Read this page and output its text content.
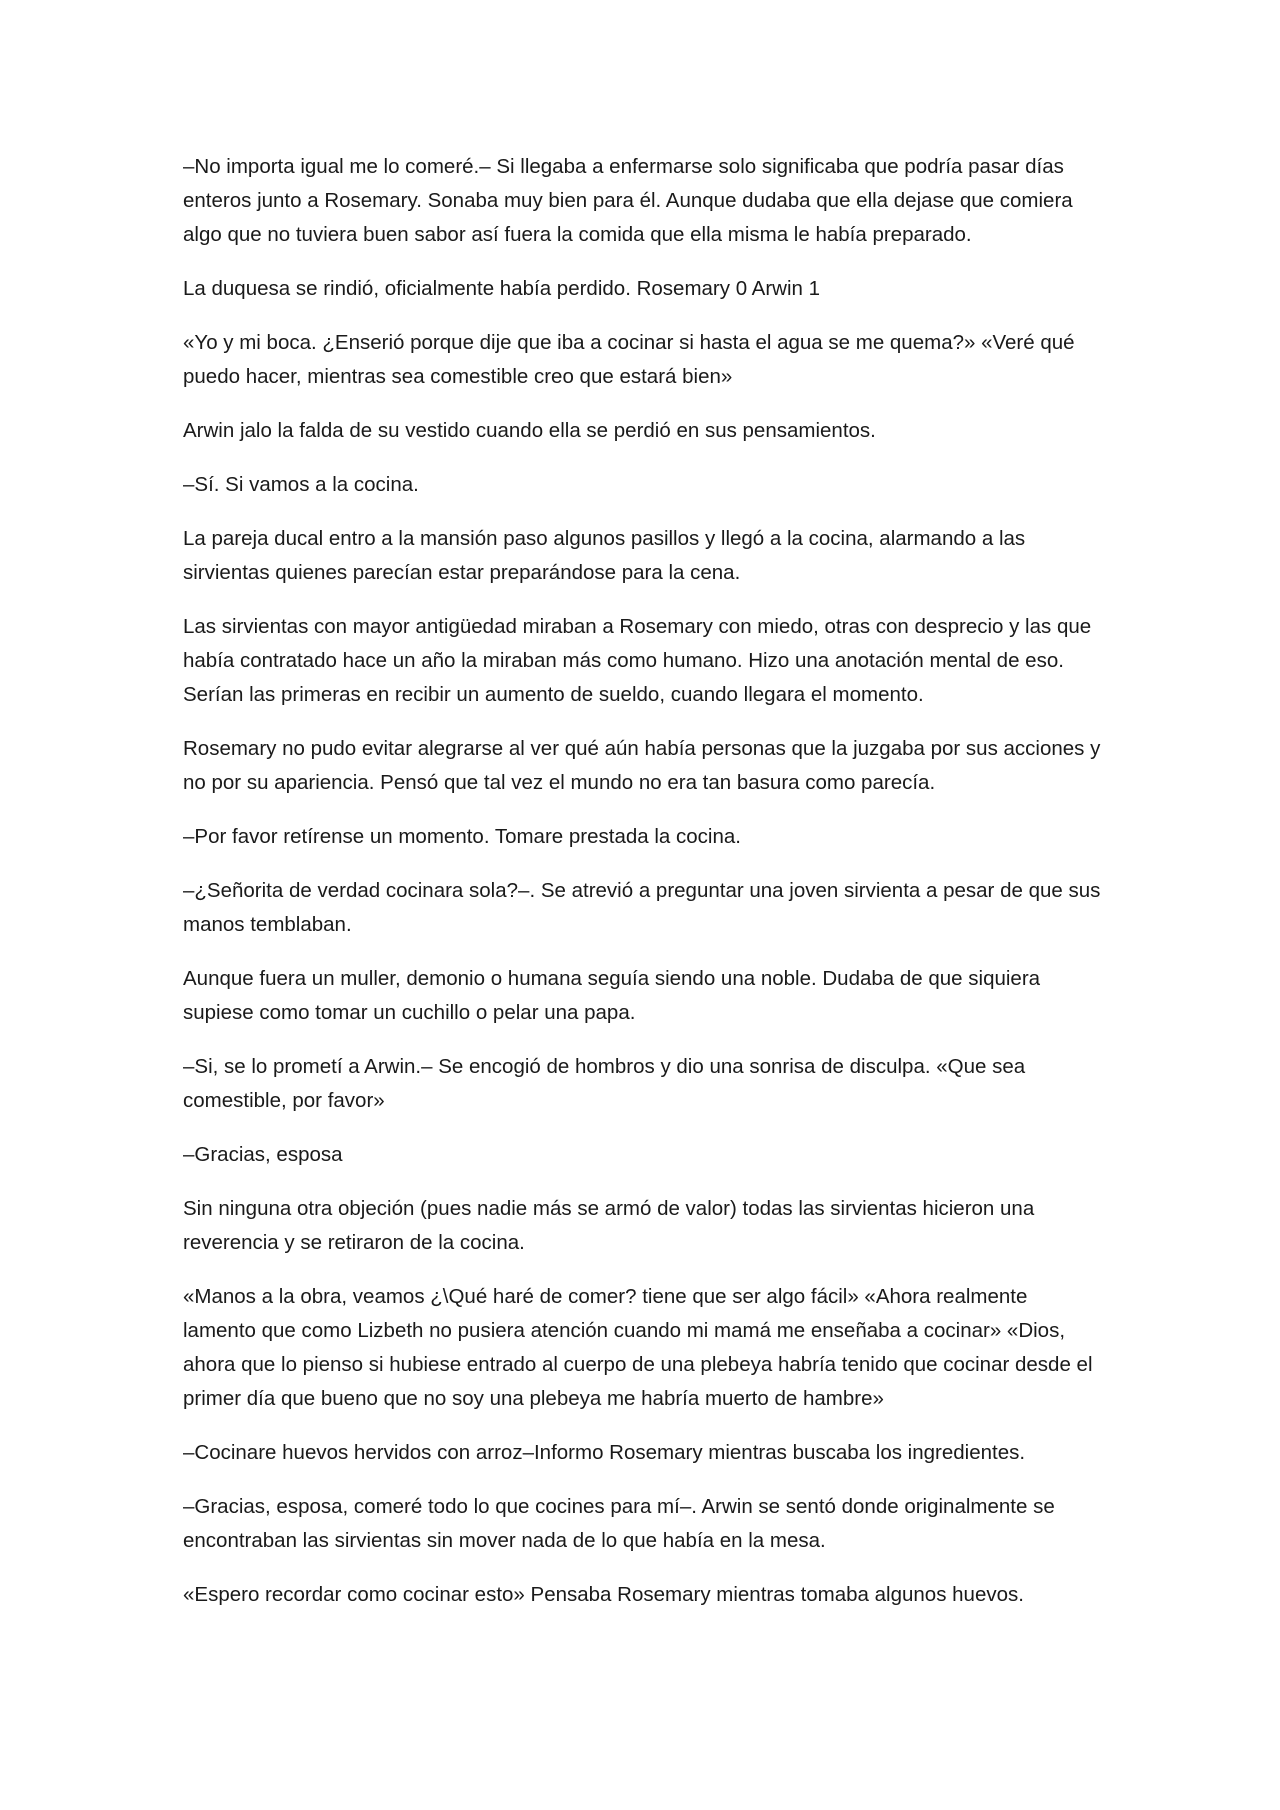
–No importa igual me lo comeré.– Si llegaba a enfermarse solo significaba que podría pasar días enteros junto a Rosemary. Sonaba muy bien para él. Aunque dudaba que ella dejase que comiera algo que no tuviera buen sabor así fuera la comida que ella misma le había preparado.

La duquesa se rindió, oficialmente había perdido. Rosemary 0 Arwin 1

«Yo y mi boca. ¿Enserió porque dije que iba a cocinar si hasta el agua se me quema?» «Veré qué puedo hacer, mientras sea comestible creo que estará bien»

Arwin jalo la falda de su vestido cuando ella se perdió en sus pensamientos.

–Sí. Si vamos a la cocina.

La pareja ducal entro a la mansión paso algunos pasillos y llegó a la cocina, alarmando a las sirvientas quienes parecían estar preparándose para la cena.

Las sirvientas con mayor antigüedad miraban a Rosemary con miedo, otras con desprecio y las que había contratado hace un año la miraban más como humano. Hizo una anotación mental de eso. Serían las primeras en recibir un aumento de sueldo, cuando llegara el momento.

Rosemary no pudo evitar alegrarse al ver qué aún había personas que la juzgaba por sus acciones y no por su apariencia. Pensó que tal vez el mundo no era tan basura como parecía.

–Por favor retírense un momento. Tomare prestada la cocina.

–¿Señorita de verdad cocinara sola?–. Se atrevió a preguntar una joven sirvienta a pesar de que sus manos temblaban.

Aunque fuera un muller, demonio o humana seguía siendo una noble. Dudaba de que siquiera supiese como tomar un cuchillo o pelar una papa.

–Si, se lo prometí a Arwin.– Se encogió de hombros y dio una sonrisa de disculpa. «Que sea comestible, por favor»

–Gracias, esposa

Sin ninguna otra objeción (pues nadie más se armó de valor) todas las sirvientas hicieron una reverencia y se retiraron de la cocina.

«Manos a la obra, veamos ¿\Qué haré de comer? tiene que ser algo fácil» «Ahora realmente lamento que como Lizbeth no pusiera atención cuando mi mamá me enseñaba a cocinar» «Dios, ahora que lo pienso si hubiese entrado al cuerpo de una plebeya habría tenido que cocinar desde el primer día que bueno que no soy una plebeya me habría muerto de hambre»

–Cocinare huevos hervidos con arroz–Informo Rosemary mientras buscaba los ingredientes.

–Gracias, esposa, comeré todo lo que cocines para mí–. Arwin se sentó donde originalmente se encontraban las sirvientas sin mover nada de lo que había en la mesa.

«Espero recordar como cocinar esto» Pensaba Rosemary mientras tomaba algunos huevos.
